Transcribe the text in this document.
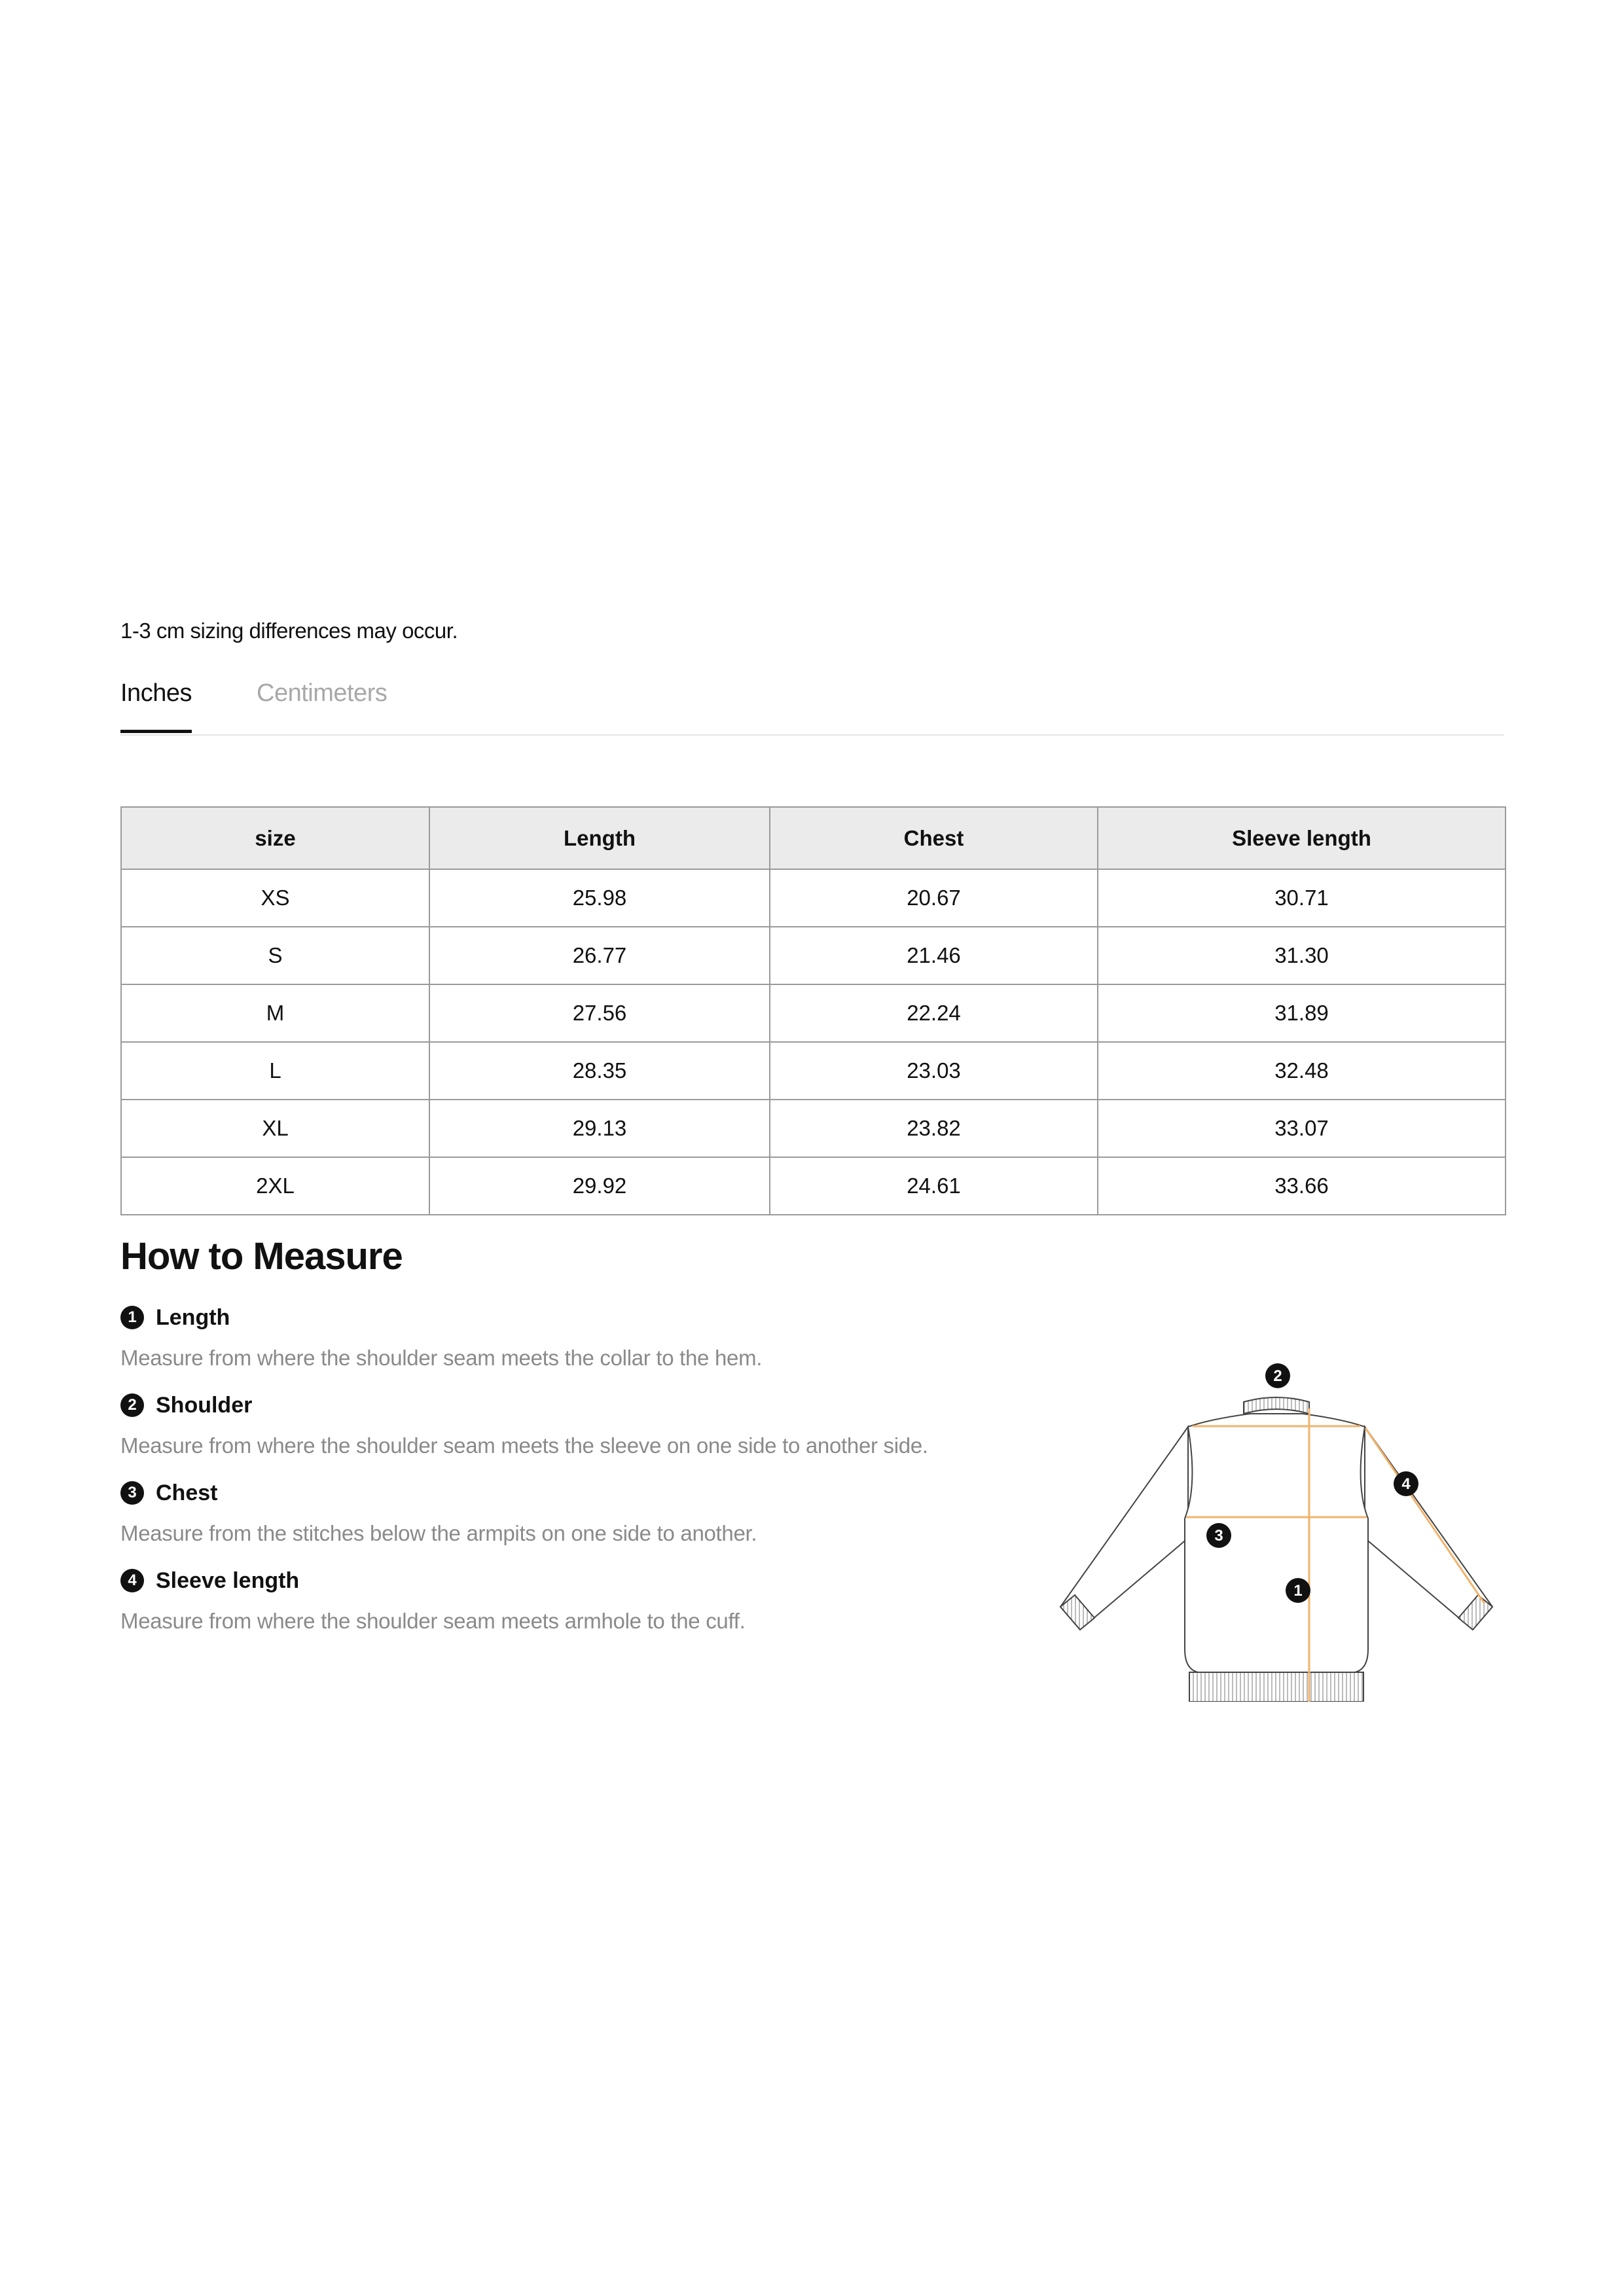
1-3 cm sizing differences may occur.
Inches	Centimeters
size	Length	Chest	Sleeve length
XS	25.98	20.67	30.71
S	26.77	21.46	31.30
M	27.56	22.24	31.89
L	28.35	23.03	32.48
XL	29.13	23.82	33.07
2XL	29.92	24.61	33.66
How to Measure
1 Length
Measure from where the shoulder seam meets the collar to the hem.
2 Shoulder
Measure from where the shoulder seam meets the sleeve on one side to another side.
3 Chest
Measure from the stitches below the armpits on one side to another.
4 Sleeve length
Measure from where the shoulder seam meets armhole to the cuff.
2
3
1
4
